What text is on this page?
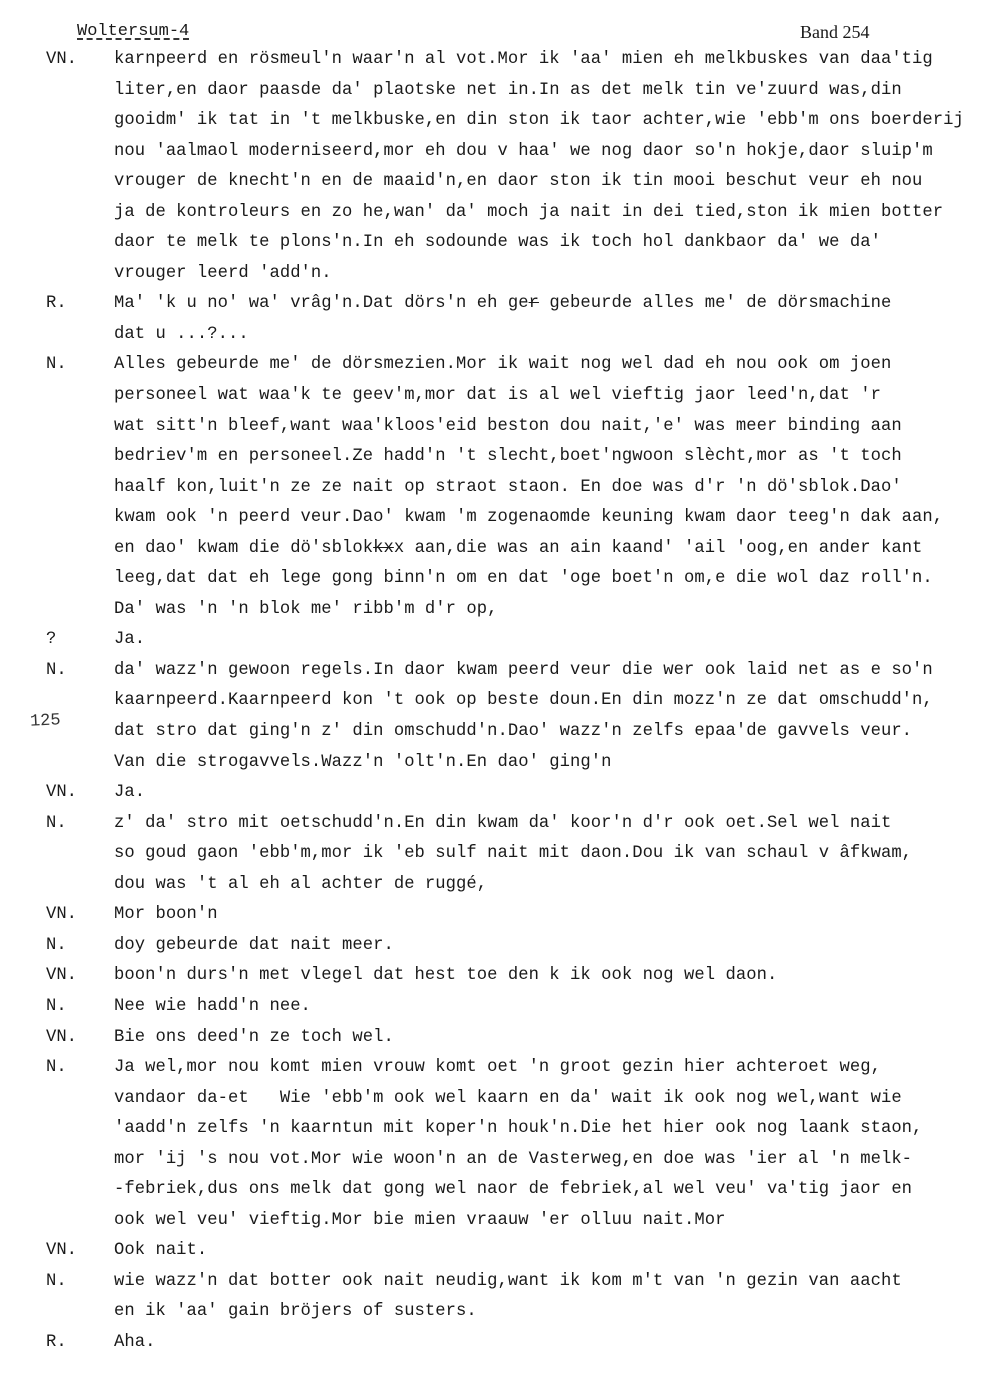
Woltersum-4	Band 254
125
VN. karnpeerd en rösmeul'n waar'n al vot.Mor ik 'aa' mien eh melkbuskes van daa'tig
liter,en daor paasde da' plaotske net in.In as det melk tin ve'zuurd was,din
gooidm' ik tat in 't melkbuske,en din ston ik taor achter,wie 'ebb'm ons boerderij
nou 'aalmaol moderniseerd,mor eh dou v haa' we nog daor so'n hokje,daor sluip'm
vrouger de knecht'n en de maaid'n,en daor ston ik tin mooi beschut veur eh nou
ja de kontroleurs en zo he,wan' da' moch ja nait in dei tied,ston ik mien botter
daor te melk te plons'n.In eh sodounde was ik toch hol dankbaor da' we da'
vrouger leerd 'add'n.
R.	Ma' 'k u no' wa' vrâg'n.Dat dörs'n eh ger gebeurde alles me' de dörsmachine
dat u ...?...
N.	Alles gebeurde me' de dörsmezien.Mor ik wait nog wel dad eh nou ook om joen
personeel wat waa'k te geev'm,mor dat is al wel vieftig jaor leed'n,dat 'r
wat sitt'n bleef,want waa'kloos'eid beston dou nait,'e' was meer binding aan
bedriev'm en personeel.Ze hadd'n 't slecht,boet'ngwoon slècht,mor as 't toch
haalf kon,luit'n ze ze nait op straot staon. En doe was d'r 'n dö'sblok.Dao'
kwam ook 'n peerd veur.Dao' kwam 'm zogenaomde keuning kwam daor teeg'n dak aan,
en dao' kwam die dö'sblokkxx aan,die was an ain kaand' 'ail 'oog,en ander kant
leeg,dat dat eh lege gong binn'n om en dat 'oge boet'n om,e die wol daz roll'n.
Da' was 'n 'n blok me' ribb'm d'r op,
?	Ja.
N.	da' wazz'n gewoon regels.In daor kwam peerd veur die wer ook laid net as e so'n
kaarnpeerd.Kaarnpeerd kon 't ook op beste doun.En din mozz'n ze dat omschudd'n,
dat stro dat ging'n z' din omschudd'n.Dao' wazz'n zelfs epaa'de gavvels veur.
Van die strogavvels.Wazz'n 'olt'n.En dao' ging'n
VN. Ja.
N.	z' da' stro mit oetschudd'n.En din kwam da' koor'n d'r ook oet.Sel wel nait
so goud gaon 'ebb'm,mor ik 'eb sulf nait mit daon.Dou ik van schaul v âfkwam,
dou was 't al eh al achter de ruggé,
VN. Mor boon'n
N.	doy gebeurde dat nait meer.
VN. boon'n durs'n met vlegel dat hest toe den k ik ook nog wel daon.
N.	Nee wie hadd'n nee.
VN. Bie ons deed'n ze toch wel.
N.	Ja wel,mor nou komt mien vrouw komt oet 'n groot gezin hier achteroet weg,
vandaor da-et   Wie 'ebb'm ook wel kaarn en da' wait ik ook nog wel,want wie
'aadd'n zelfs 'n kaarntun mit koper'n houk'n.Die het hier ook nog laank staon,
mor 'ij 's nou vot.Mor wie woon'n an de Vasterweg,en doe was 'ier al 'n melk-
-febriek,dus ons melk dat gong wel naor de febriek,al wel veu' va'tig jaor en
ook wel veu' vieftig.Mor bie mien vraauw 'er olluu nait.Mor
VN. Ook nait.
N.	wie wazz'n dat botter ook nait neudig,want ik kom m't van 'n gezin van aacht
en ik 'aa' gain bröjers of susters.
R.	Aha.
